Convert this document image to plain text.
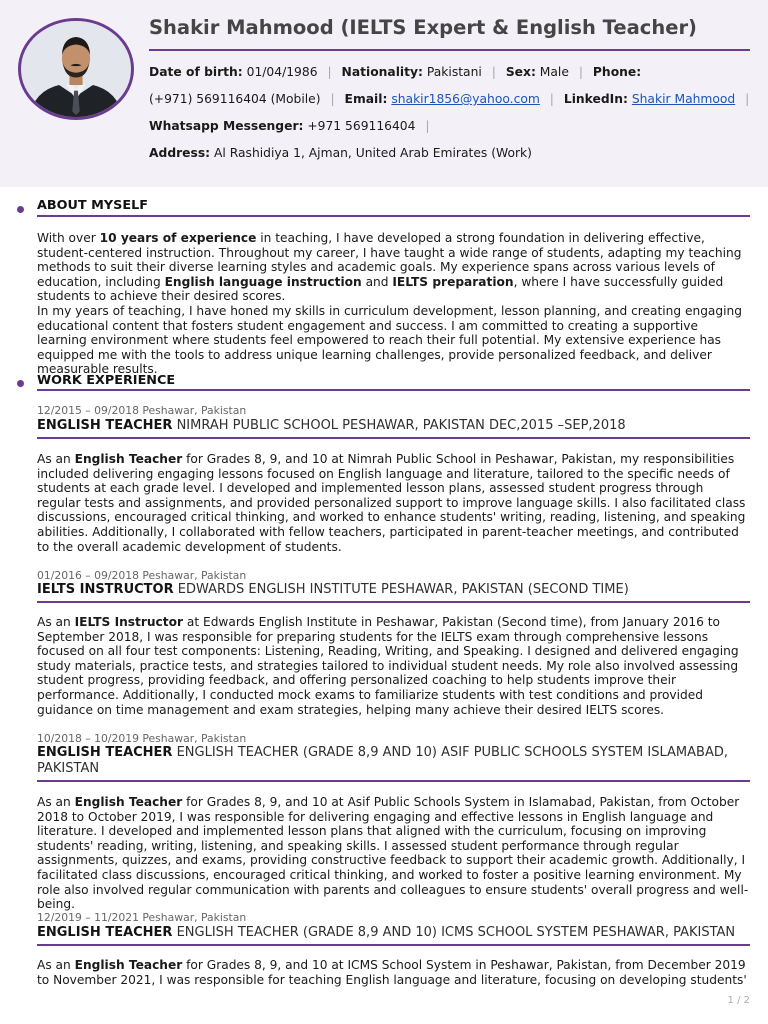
Shakir Mahmood (IELTS Expert & English Teacher)
Date of birth: 01/04/1986 | Nationality: Pakistani | Sex: Male | Phone:
(+971) 569116404 (Mobile) | Email: shakir1856@yahoo.com | LinkedIn: Shakir Mahmood |
Whatsapp Messenger: +971 569116404 |
Address: Al Rashidiya 1, Ajman, United Arab Emirates (Work)
ABOUT MYSELF
With over 10 years of experience in teaching, I have developed a strong foundation in delivering effective, student-centered instruction. Throughout my career, I have taught a wide range of students, adapting my teaching methods to suit their diverse learning styles and academic goals. My experience spans across various levels of education, including English language instruction and IELTS preparation, where I have successfully guided students to achieve their desired scores.
In my years of teaching, I have honed my skills in curriculum development, lesson planning, and creating engaging educational content that fosters student engagement and success. I am committed to creating a supportive learning environment where students feel empowered to reach their full potential. My extensive experience has equipped me with the tools to address unique learning challenges, provide personalized feedback, and deliver measurable results.
WORK EXPERIENCE
12/2015 – 09/2018 Peshawar, Pakistan
ENGLISH TEACHER NIMRAH PUBLIC SCHOOL PESHAWAR, PAKISTAN DEC,2015 –SEP,2018
As an English Teacher for Grades 8, 9, and 10 at Nimrah Public School in Peshawar, Pakistan, my responsibilities included delivering engaging lessons focused on English language and literature, tailored to the specific needs of students at each grade level. I developed and implemented lesson plans, assessed student progress through regular tests and assignments, and provided personalized support to improve language skills. I also facilitated class discussions, encouraged critical thinking, and worked to enhance students' writing, reading, listening, and speaking abilities. Additionally, I collaborated with fellow teachers, participated in parent-teacher meetings, and contributed to the overall academic development of students.
01/2016 – 09/2018 Peshawar, Pakistan
IELTS INSTRUCTOR EDWARDS ENGLISH INSTITUTE PESHAWAR, PAKISTAN (SECOND TIME)
As an IELTS Instructor at Edwards English Institute in Peshawar, Pakistan (Second time), from January 2016 to September 2018, I was responsible for preparing students for the IELTS exam through comprehensive lessons focused on all four test components: Listening, Reading, Writing, and Speaking. I designed and delivered engaging study materials, practice tests, and strategies tailored to individual student needs. My role also involved assessing student progress, providing feedback, and offering personalized coaching to help students improve their performance. Additionally, I conducted mock exams to familiarize students with test conditions and provided guidance on time management and exam strategies, helping many achieve their desired IELTS scores.
10/2018 – 10/2019 Peshawar, Pakistan
ENGLISH TEACHER ENGLISH TEACHER (GRADE 8,9 AND 10) ASIF PUBLIC SCHOOLS SYSTEM ISLAMABAD, PAKISTAN
As an English Teacher for Grades 8, 9, and 10 at Asif Public Schools System in Islamabad, Pakistan, from October 2018 to October 2019, I was responsible for delivering engaging and effective lessons in English language and literature. I developed and implemented lesson plans that aligned with the curriculum, focusing on improving students' reading, writing, listening, and speaking skills. I assessed student performance through regular assignments, quizzes, and exams, providing constructive feedback to support their academic growth. Additionally, I facilitated class discussions, encouraged critical thinking, and worked to foster a positive learning environment. My role also involved regular communication with parents and colleagues to ensure students' overall progress and well-being.
12/2019 – 11/2021 Peshawar, Pakistan
ENGLISH TEACHER ENGLISH TEACHER (GRADE 8,9 AND 10) ICMS SCHOOL SYSTEM PESHAWAR, PAKISTAN
As an English Teacher for Grades 8, 9, and 10 at ICMS School System in Peshawar, Pakistan, from December 2019 to November 2021, I was responsible for teaching English language and literature, focusing on developing students'
1 / 2
